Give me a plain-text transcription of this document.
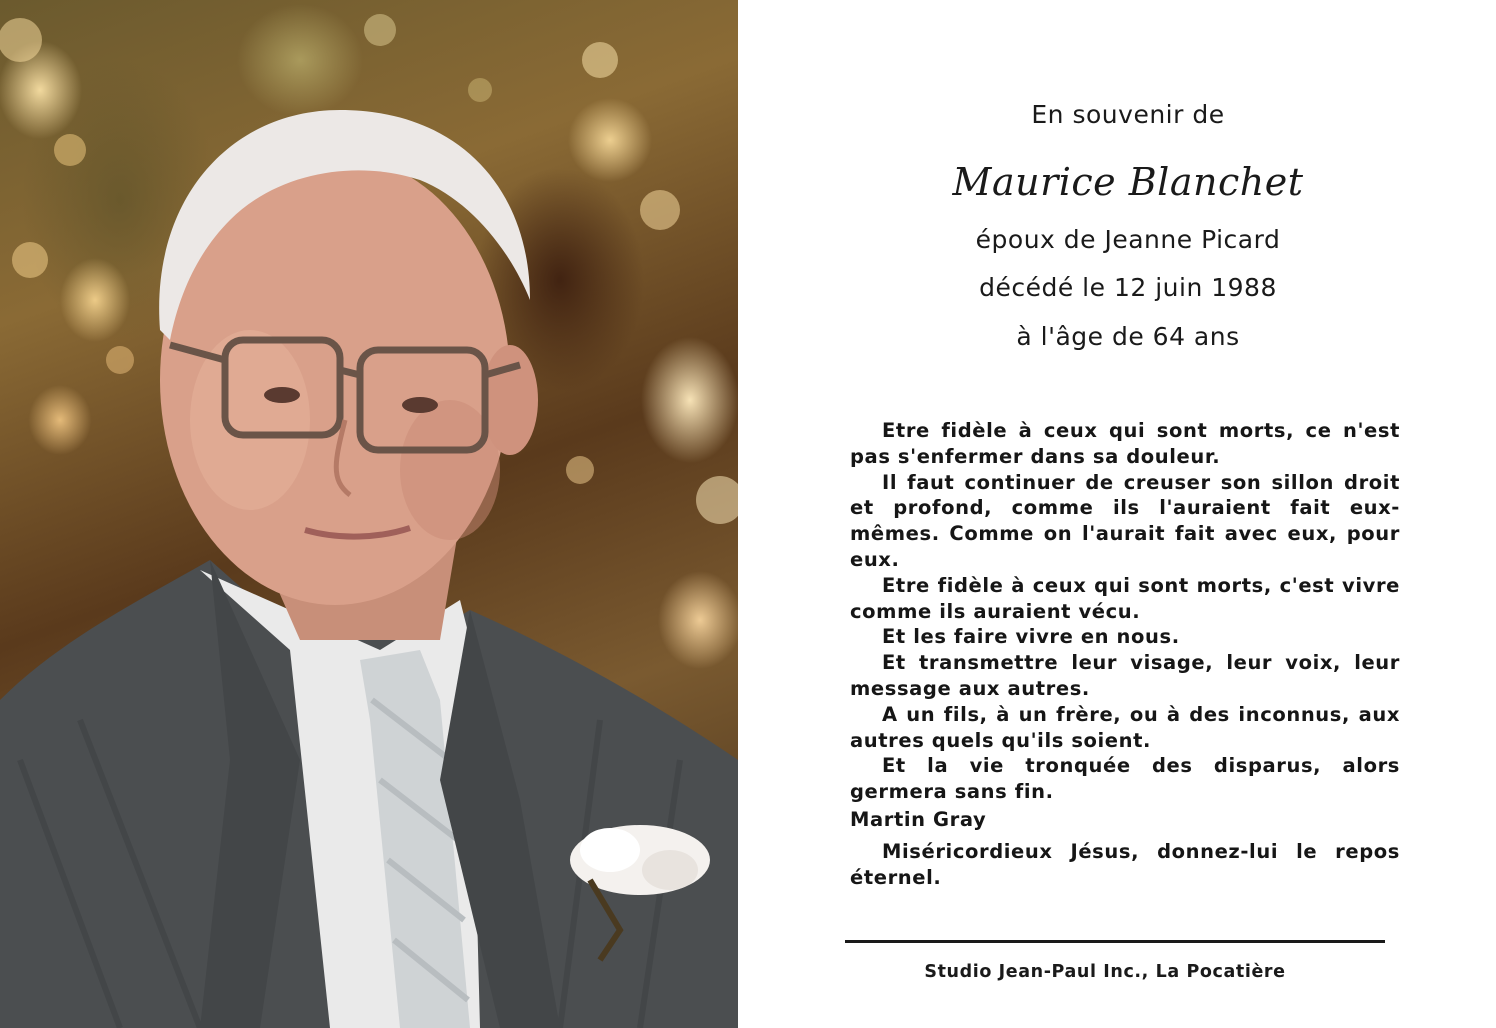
En souvenir de
Maurice Blanchet
époux de Jeanne Picard
décédé le 12 juin 1988
à l'âge de 64 ans

Etre fidèle à ceux qui sont morts, ce n'est pas s'enfermer dans sa douleur.

Il faut continuer de creuser son sillon droit et profond, comme ils l'auraient fait eux-mêmes. Comme on l'aurait fait avec eux, pour eux.

Etre fidèle à ceux qui sont morts, c'est vivre comme ils auraient vécu.

Et les faire vivre en nous.

Et transmettre leur visage, leur voix, leur message aux autres.

A un fils, à un frère, ou à des inconnus, aux autres quels qu'ils soient.

Et la vie tronquée des disparus, alors germera sans fin.

Martin Gray

Miséricordieux Jésus, donnez-lui le repos éternel.

Studio Jean-Paul Inc., La Pocatière
